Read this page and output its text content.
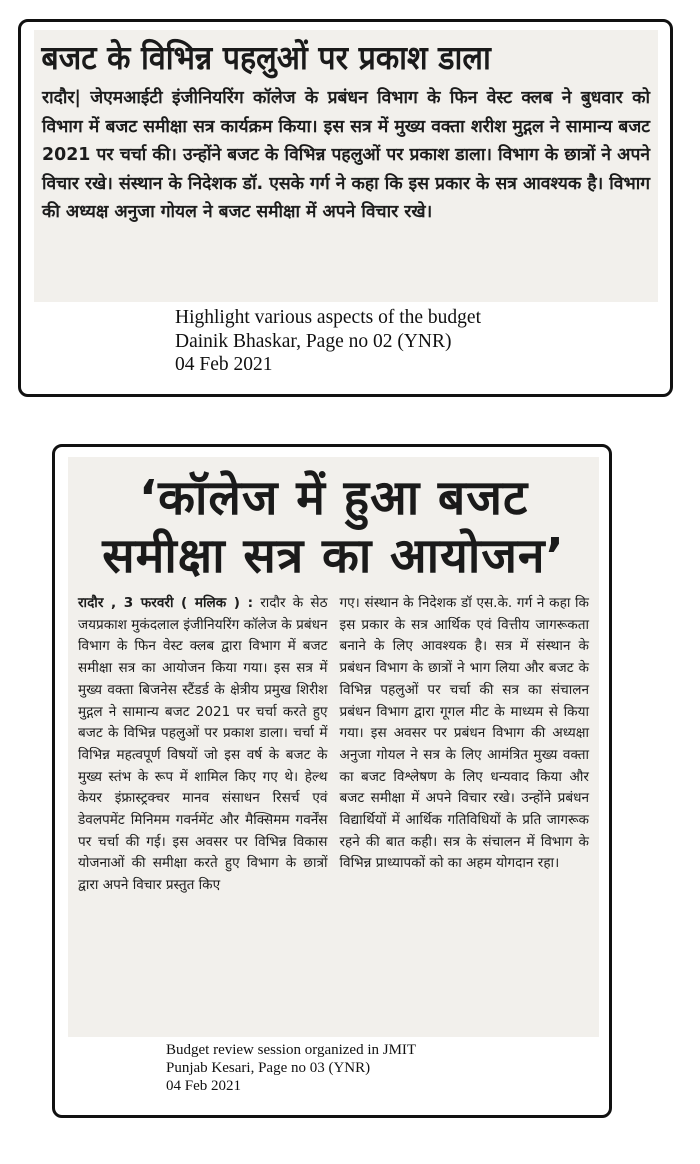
बजट के विभिन्न पहलुओं पर प्रकाश डाला
रादौर| जेएमआईटी इंजीनियरिंग कॉलेज के प्रबंधन विभाग के फिन वेस्ट क्लब ने बुधवार को विभाग में बजट समीक्षा सत्र कार्यक्रम किया। इस सत्र में मुख्य वक्ता शरीश मुद्गल ने सामान्य बजट 2021 पर चर्चा की। उन्होंने बजट के विभिन्न पहलुओं पर प्रकाश डाला। विभाग के छात्रों ने अपने विचार रखे। संस्थान के निदेशक डॉ. एसके गर्ग ने कहा कि इस प्रकार के सत्र आवश्यक है। विभाग की अध्यक्ष अनुजा गोयल ने बजट समीक्षा में अपने विचार रखे।
Highlight various aspects of the budget
Dainik Bhaskar, Page no 02 (YNR)
04 Feb 2021
‘कॉलेज में हुआ बजट
समीक्षा सत्र का आयोजन’
रादौर , 3 फरवरी ( मलिक ) : रादौर के सेठ जयप्रकाश मुकंदलाल इंजीनियरिंग कॉलेज के प्रबंधन विभाग के फिन वेस्ट क्लब द्वारा विभाग में बजट समीक्षा सत्र का आयोजन किया गया। इस सत्र में मुख्य वक्ता बिजनेस स्टैंडर्ड के क्षेत्रीय प्रमुख शिरीश मुद्गल ने सामान्य बजट 2021 पर चर्चा करते हुए बजट के विभिन्न पहलुओं पर प्रकाश डाला। चर्चा में विभिन्न महत्वपूर्ण विषयों जो इस वर्ष के बजट के मुख्य स्तंभ के रूप में शामिल किए गए थे। हेल्थ केयर इंफ्रास्ट्रक्चर मानव संसाधन रिसर्च एवं डेवलपमेंट मिनिमम गवर्नमेंट और मैक्सिमम गवर्नेंस पर चर्चा की गई। इस अवसर पर विभिन्न विकास योजनाओं की समीक्षा करते हुए विभाग के छात्रों द्वारा अपने विचार प्रस्तुत किए
गए। संस्थान के निदेशक डॉ एस.के. गर्ग ने कहा कि इस प्रकार के सत्र आर्थिक एवं वित्तीय जागरूकता बनाने के लिए आवश्यक है। सत्र में संस्थान के प्रबंधन विभाग के छात्रों ने भाग लिया और बजट के विभिन्न पहलुओं पर चर्चा की सत्र का संचालन प्रबंधन विभाग द्वारा गूगल मीट के माध्यम से किया गया। इस अवसर पर प्रबंधन विभाग की अध्यक्षा अनुजा गोयल ने सत्र के लिए आमंत्रित मुख्य वक्ता का बजट विश्लेषण के लिए धन्यवाद किया और बजट समीक्षा में अपने विचार रखे। उन्होंने प्रबंधन विद्यार्थियों में आर्थिक गतिविधियों के प्रति जागरूक रहने की बात कही। सत्र के संचालन में विभाग के विभिन्न प्राध्यापकों को का अहम योगदान रहा।
Budget review session organized in JMIT
Punjab Kesari, Page no 03 (YNR)
04 Feb 2021
